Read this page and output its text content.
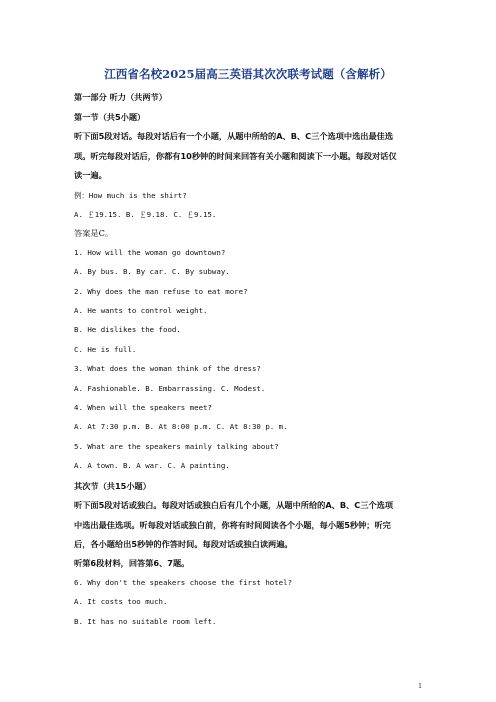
江西省名校2025届高三英语其次次联考试题（含解析）
第一部分 听力（共两节）
第一节（共5小题）
听下面5段对话。每段对话后有一个小题，从题中所给的A、B、C三个选项中选出最佳选
项。听完每段对话后，你都有10秒钟的时间来回答有关小题和阅读下一小题。每段对话仅
读一遍。
例：How much is the shirt?
A. ￡19.15. B. ￡9.18. C. ￡9.15.
答案是C。
1. How will the woman go downtown?
A. By bus. B. By car. C. By subway.
2. Why does the man refuse to eat more?
A. He wants to control weight.
B. He dislikes the food.
C. He is full.
3. What does the woman think of the dress?
A. Fashionable. B. Embarrassing. C. Modest.
4. When will the speakers meet?
A. At 7:30 p.m. B. At 8:00 p.m. C. At 8:30 p. m.
5. What are the speakers mainly talking about?
A. A town. B. A war. C. A painting.
其次节（共15小题）
听下面5段对话或独白。每段对话或独白后有几个小题，从题中所给的A、B、C三个选项
中选出最佳选项。听每段对话或独白前，你将有时间阅读各个小题，每小题5秒钟；听完
后，各小题给出5秒钟的作答时间。每段对话或独白读两遍。
听第6段材料，回答第6、7题。
6. Why don't the speakers choose the first hotel?
A. It costs too much.
B. It has no suitable room left.
1
